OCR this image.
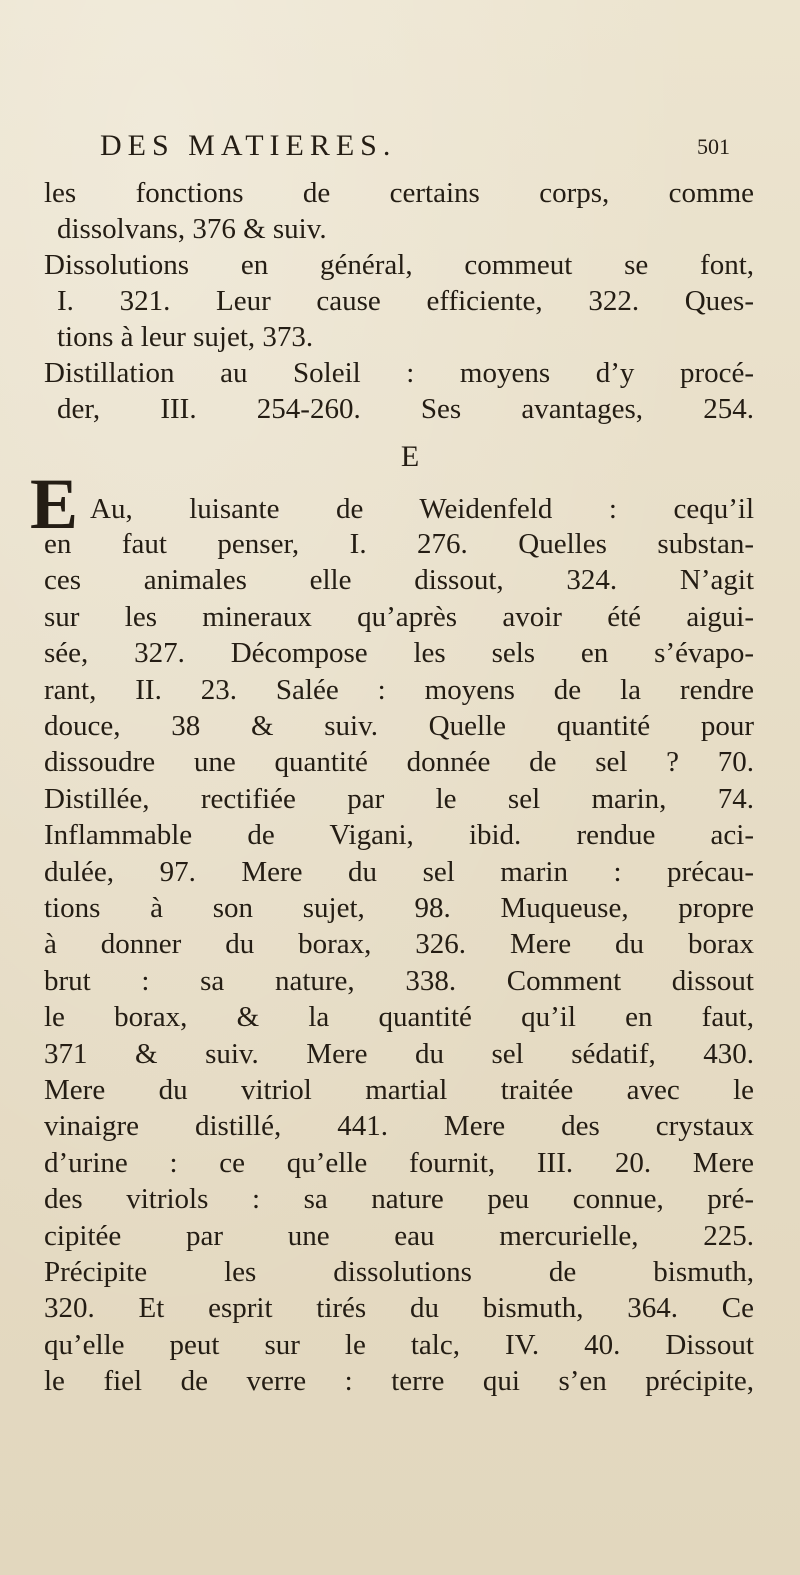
DES MATIERES.	501
les fonctions de certains corps, comme
dissolvans, 376 & suiv.
Dissolutions en général, commeut se font,
I. 321. Leur cause efficiente, 322. Ques-
tions à leur sujet, 373.
Distillation au Soleil : moyens d’y procé-
der, III. 254-260. Ses avantages, 254.
E
E Au, luisante de Weidenfeld : cequ’il
en faut penser, I. 276. Quelles substan-
ces animales elle dissout, 324. N’agit
sur les mineraux qu’après avoir été aigui-
sée, 327. Décompose les sels en s’évapo-
rant, II. 23. Salée : moyens de la rendre
douce, 38 & suiv. Quelle quantité pour
dissoudre une quantité donnée de sel ? 70.
Distillée, rectifiée par le sel marin, 74.
Inflammable de Vigani, ibid. rendue aci-
dulée, 97. Mere du sel marin : précau-
tions à son sujet, 98. Muqueuse, propre
à donner du borax, 326. Mere du borax
brut : sa nature, 338. Comment dissout
le borax, & la quantité qu’il en faut,
371 & suiv. Mere du sel sédatif, 430.
Mere du vitriol martial traitée avec le
vinaigre distillé, 441. Mere des crystaux
d’urine : ce qu’elle fournit, III. 20. Mere
des vitriols : sa nature peu connue, pré-
cipitée par une eau mercurielle, 225.
Précipite les dissolutions de bismuth,
320. Et esprit tirés du bismuth, 364. Ce
qu’elle peut sur le talc, IV. 40. Dissout
le fiel de verre : terre qui s’en précipite,
